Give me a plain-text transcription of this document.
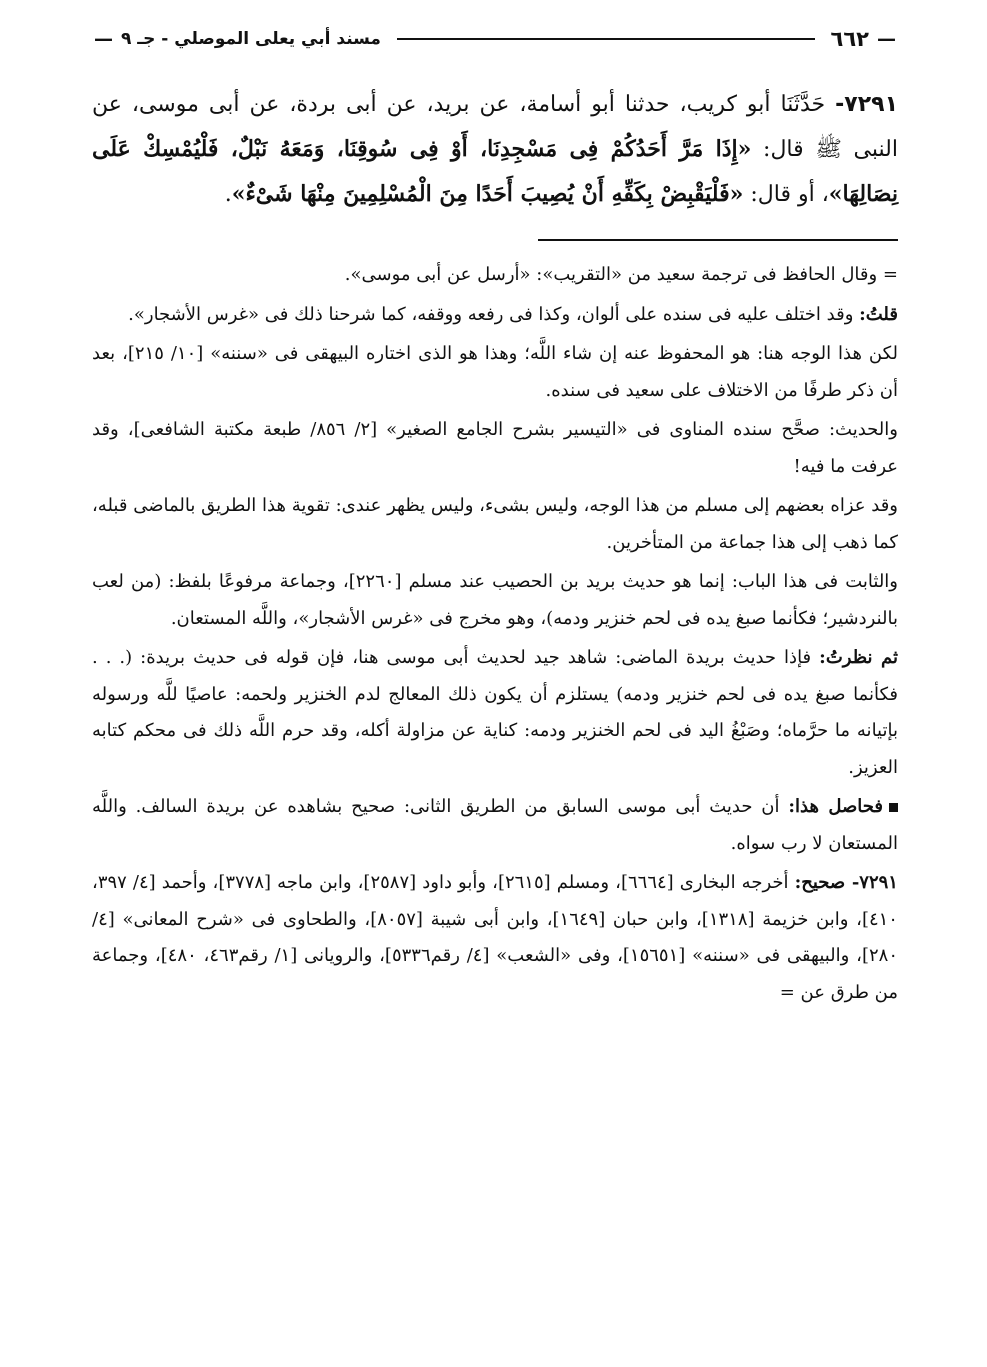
—
٦٦٢
مسند أبي يعلى الموصلي - جـ ٩
—

٧٢٩١- حَدَّثَنَا أبو كريب، حدثنا أبو أسامة، عن بريد، عن أبى بردة، عن أبى موسى، عن النبى ﷺ قال: «إِذَا مَرَّ أَحَدُكُمْ فِى مَسْجِدِنَا، أَوْ فِى سُوقِنَا، وَمَعَهُ نَبْلٌ، فَلْيُمْسِكْ عَلَى نِصَالِهَا»، أو قال: «فَلْيَقْبِضْ بِكَفِّهِ أَنْ يُصِيبَ أَحَدًا مِنَ الْمُسْلِمِينَ مِنْهَا شَىْءٌ».

= وقال الحافظ فى ترجمة سعيد من «التقريب»: «أرسل عن أبى موسى».

قلتُ: وقد اختلف عليه فى سنده على ألوان، وكذا فى رفعه ووقفه، كما شرحنا ذلك فى «غرس الأشجار».

لكن هذا الوجه هنا: هو المحفوظ عنه إن شاء اللَّه؛ وهذا هو الذى اختاره البيهقى فى «سننه» [١٠/ ٢١٥]، بعد أن ذكر طرفًا من الاختلاف على سعيد فى سنده.

والحديث: صحَّح سنده المناوى فى «التيسير بشرح الجامع الصغير» [٢/ ٨٥٦/ طبعة مكتبة الشافعى]، وقد عرفت ما فيه!

وقد عزاه بعضهم إلى مسلم من هذا الوجه، وليس بشىء، وليس يظهر عندى: تقوية هذا الطريق بالماضى قبله، كما ذهب إلى هذا جماعة من المتأخرين.

والثابت فى هذا الباب: إنما هو حديث بريد بن الحصيب عند مسلم [٢٢٦٠]، وجماعة مرفوعًا بلفظ: (من لعب بالنردشير؛ فكأنما صبغ يده فى لحم خنزير ودمه)، وهو مخرج فى «غرس الأشجار»، واللَّه المستعان.

ثم نظرتُ: فإذا حديث بريدة الماضى: شاهد جيد لحديث أبى موسى هنا، فإن قوله فى حديث بريدة: (. . . فكأنما صبغ يده فى لحم خنزير ودمه) يستلزم أن يكون ذلك المعالج لدم الخنزير ولحمه: عاصيًا للَّه ورسوله بإتيانه ما حرَّماه؛ وصَبْغُ اليد فى لحم الخنزير ودمه: كناية عن مزاولة أكله، وقد حرم اللَّه ذلك فى محكم كتابه العزيز.

فحاصل هذا: أن حديث أبى موسى السابق من الطريق الثانى: صحيح بشاهده عن بريدة السالف. واللَّه المستعان لا رب سواه.

٧٢٩١- صحيح: أخرجه البخارى [٦٦٦٤]، ومسلم [٢٦١٥]، وأبو داود [٢٥٨٧]، وابن ماجه [٣٧٧٨]، وأحمد [٤/ ٣٩٧، ٤١٠]، وابن خزيمة [١٣١٨]، وابن حبان [١٦٤٩]، وابن أبى شيبة [٨٠٥٧]، والطحاوى فى «شرح المعانى» [٤/ ٢٨٠]، والبيهقى فى «سننه» [١٥٦٥١]، وفى «الشعب» [٤/ رقم٥٣٣٦]، والرويانى [١/ رقم٤٦٣، ٤٨٠]، وجماعة من طرق عن =
